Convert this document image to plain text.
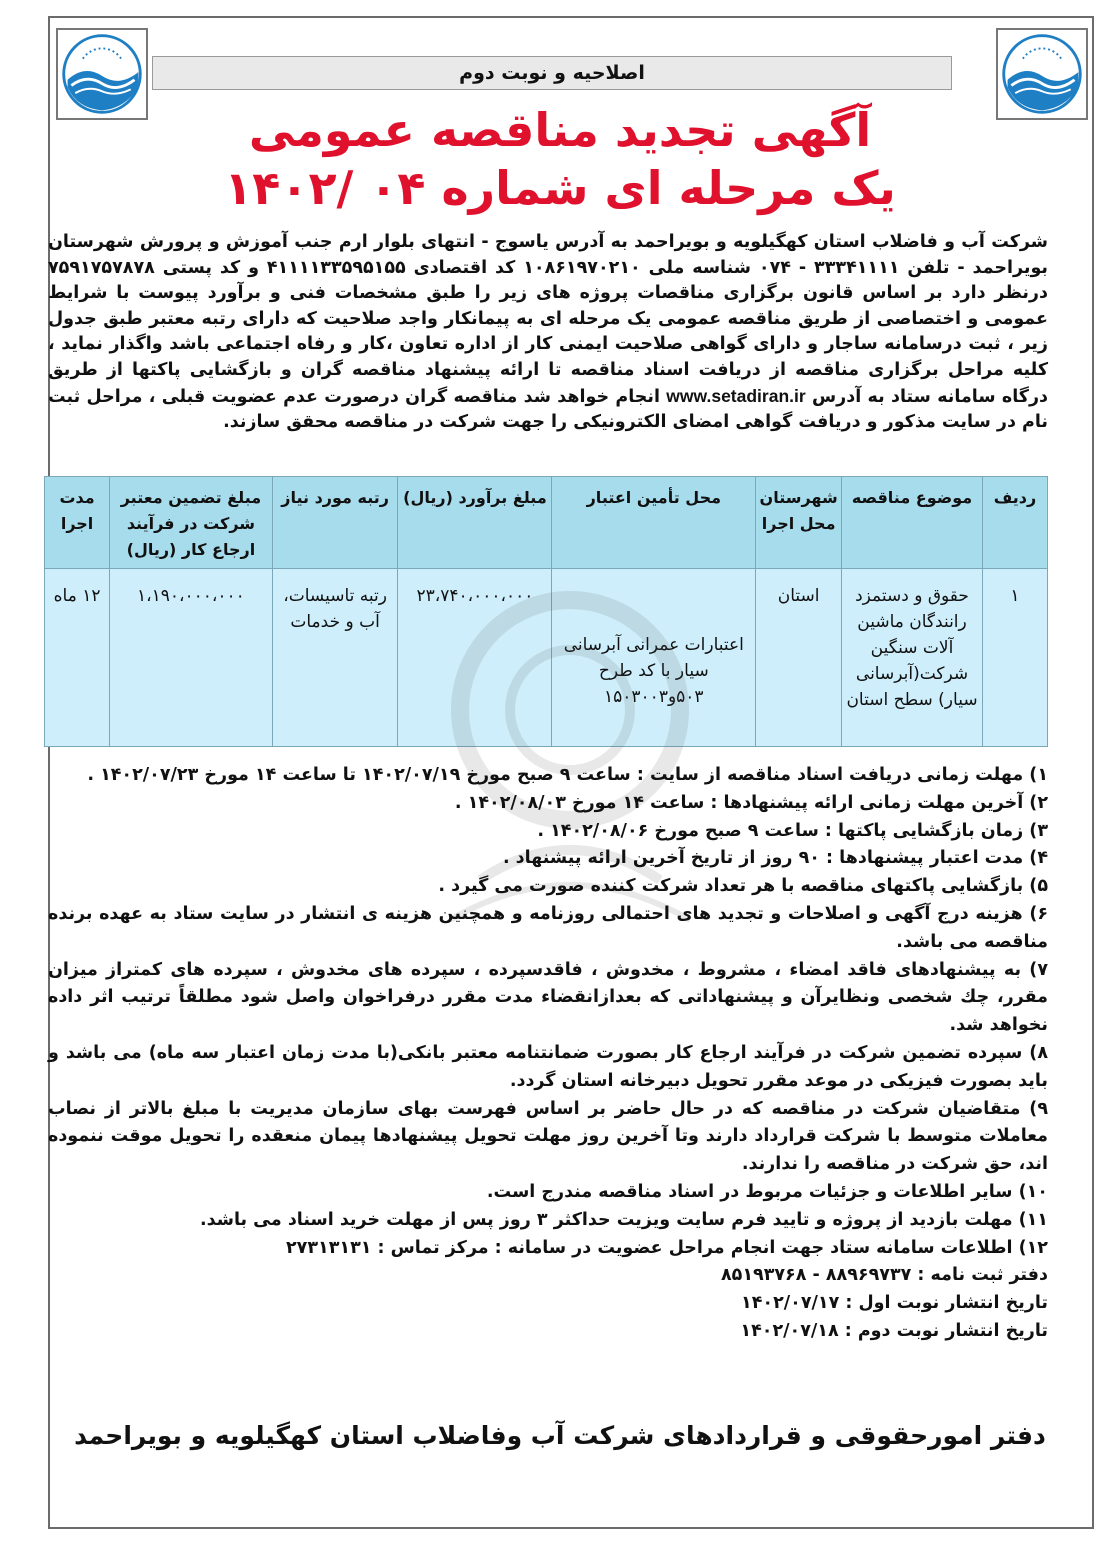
اصلاحیه و نوبت دوم
آگهی تجدید مناقصه عمومی
یک مرحله ای شماره ۰۴ /۱۴۰۲
شرکت آب و فاضلاب استان کهگیلویه و بویراحمد به آدرس یاسوج - انتهای بلوار ارم جنب آموزش و پرورش شهرستان بویراحمد - تلفن ۳۳۳۴۱۱۱۱ - ۰۷۴ شناسه ملی ۱۰۸۶۱۹۷۰۲۱۰ کد اقتصادی ۴۱۱۱۱۳۳۵۹۵۱۵۵ و کد پستی ۷۵۹۱۷۵۷۸۷۸ درنظر دارد بر اساس قانون برگزاری مناقصات پروژه های زیر را طبق مشخصات فنی و برآورد پیوست با شرایط عمومی و اختصاصی از طریق مناقصه عمومی یک مرحله ای به پیمانکار واجد صلاحیت که دارای رتبه معتبر طبق جدول زیر ، ثبت درسامانه ساجار و دارای گواهی صلاحیت ایمنی کار از اداره تعاون ،کار و رفاه اجتماعی باشد واگذار نماید ، کلیه مراحل برگزاری مناقصه از دریافت اسناد مناقصه تا ارائه پیشنهاد مناقصه گران و بازگشایی پاکتها از طریق درگاه سامانه ستاد به آدرس www.setadiran.ir انجام خواهد شد مناقصه گران درصورت عدم عضویت قبلی ، مراحل ثبت نام در سایت مذکور و دریافت گواهی امضای الکترونیکی را جهت شرکت در مناقصه محقق سازند.
ردیف	موضوع مناقصه	شهرستان محل اجرا	محل تأمین اعتبار	مبلغ برآورد (ریال)	رتبه مورد نیاز	مبلغ تضمین معتبر شرکت در فرآیند ارجاع کار (ریال)	مدت اجرا
۱	حقوق و دستمزد رانندگان ماشین آلات سنگین شرکت(آبرسانی سیار) سطح استان	استان	اعتبارات عمرانی آبرسانی سیار با کد طرح ۵۰۳و۱۵۰۳۰۰۳	۲۳،۷۴۰،۰۰۰،۰۰۰	رتبه تاسیسات، آب و خدمات	۱،۱۹۰،۰۰۰،۰۰۰	۱۲ ماه

۱) مهلت زمانی دریافت اسناد مناقصه از سایت : ساعت ۹ صبح مورخ ۱۴۰۲/۰۷/۱۹ تا ساعت ۱۴ مورخ ۱۴۰۲/۰۷/۲۳ .

۲) آخرین مهلت زمانی ارائه پیشنهادها : ساعت ۱۴ مورخ ۱۴۰۲/۰۸/۰۳ .

۳) زمان بازگشایی پاکتها : ساعت ۹ صبح مورخ ۱۴۰۲/۰۸/۰۶ .

۴) مدت اعتبار پیشنهادها : ۹۰ روز از تاریخ آخرین ارائه پیشنهاد .

۵) بازگشایی پاکتهای مناقصه با هر تعداد شرکت کننده صورت می گیرد .

۶) هزینه درج آگهی و اصلاحات و تجدید های احتمالی روزنامه و همچنین هزینه ی انتشار در سایت ستاد به عهده برنده مناقصه می باشد.

۷) به پیشنهادهای فاقد امضاء ، مشروط ، مخدوش ، فاقدسپرده ، سپرده های مخدوش ، سپرده های کمتراز میزان مقرر، چك شخصی ونظایرآن و پیشنهاداتی که بعدازانقضاء مدت مقرر درفراخوان واصل شود مطلقاً ترتیب اثر داده نخواهد شد.

۸) سپرده تضمین شرکت در فرآیند ارجاع کار بصورت ضمانتنامه معتبر بانکی(با مدت زمان اعتبار سه ماه) می باشد و باید بصورت فیزیکی در موعد مقرر تحویل دبیرخانه استان گردد.

۹) متقاضیان شرکت در مناقصه که در حال حاضر بر اساس فهرست بهای سازمان مدیریت با مبلغ بالاتر از نصاب معاملات متوسط با شرکت قرارداد دارند وتا آخرین روز مهلت تحویل پیشنهادها پیمان منعقده را تحویل موقت ننموده اند، حق شرکت در مناقصه را ندارند.

۱۰) سایر اطلاعات و جزئیات مربوط در اسناد مناقصه مندرج است.

۱۱) مهلت بازدید از پروژه و تایید فرم سایت ویزیت حداکثر ۳ روز پس از مهلت خرید اسناد می باشد.

۱۲) اطلاعات سامانه ستاد جهت انجام مراحل عضویت در سامانه : مرکز تماس : ۲۷۳۱۳۱۳۱

دفتر ثبت نامه : ۸۸۹۶۹۷۳۷ - ۸۵۱۹۳۷۶۸

تاریخ انتشار نوبت اول : ۱۴۰۲/۰۷/۱۷

تاریخ انتشار نوبت دوم : ۱۴۰۲/۰۷/۱۸

دفتر امورحقوقی و قراردادهای شرکت آب وفاضلاب استان کهگیلویه و بویراحمد
